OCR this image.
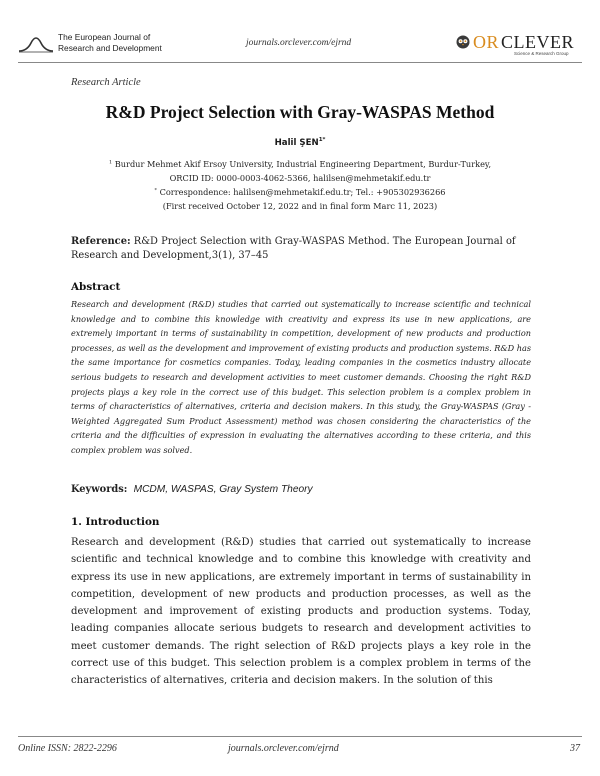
The European Journal of
Research and Development	journals.orclever.com/ejrnd	OR CLEVER
Science & Research Group
Research Article
R&D Project Selection with Gray-WASPAS Method
Halil $ŞEN^{1*}$
$^1$ Burdur Mehmet Akif Ersoy University, Industrial Engineering Department, Burdur-Turkey,
ORCID ID: 0000-0003-4062-5366, halilsen@mehmetakif.edu.tr
* Correspondence: halilsen@mehmetakif.edu.tr; Tel.: +905302936266
(First received October 12, 2022 and in final form Marc 11, 2023)
Reference: R&D Project Selection with Gray-WASPAS Method. The European Journal of
Research and Development,3(1), 37–45
Abstract
Research and development (R&D) studies that carried out systematically to increase scientific and technical knowledge and to combine this knowledge with creativity and express its use in new applications, are extremely important in terms of sustainability in competition, development of new products and production processes, as well as the development and improvement of existing products and production systems. R&D has the same importance for cosmetics companies. Today, leading companies in the cosmetics industry allocate serious budgets to research and development activities to meet customer demands. Choosing the right R&D projects plays a key role in the correct use of this budget. This selection problem is a complex problem in terms of characteristics of alternatives, criteria and decision makers. In this study, the Gray-WASPAS (Gray - Weighted Aggregated Sum Product Assessment) method was chosen considering the characteristics of the criteria and the difficulties of expression in evaluating the alternatives according to these criteria, and this complex problem was solved.
Keywords: MCDM, WASPAS, Gray System Theory
1. Introduction
Research and development (R&D) studies that carried out systematically to increase scientific and technical knowledge and to combine this knowledge with creativity and express its use in new applications, are extremely important in terms of sustainability in competition, development of new products and production processes, as well as the development and improvement of existing products and production systems. Today, leading companies allocate serious budgets to research and development activities to meet customer demands. The right selection of R&D projects plays a key role in the correct use of this budget. This selection problem is a complex problem in terms of the characteristics of alternatives, criteria and decision makers. In the solution of this
Online ISSN: 2822-2296	journals.orclever.com/ejrnd	37
